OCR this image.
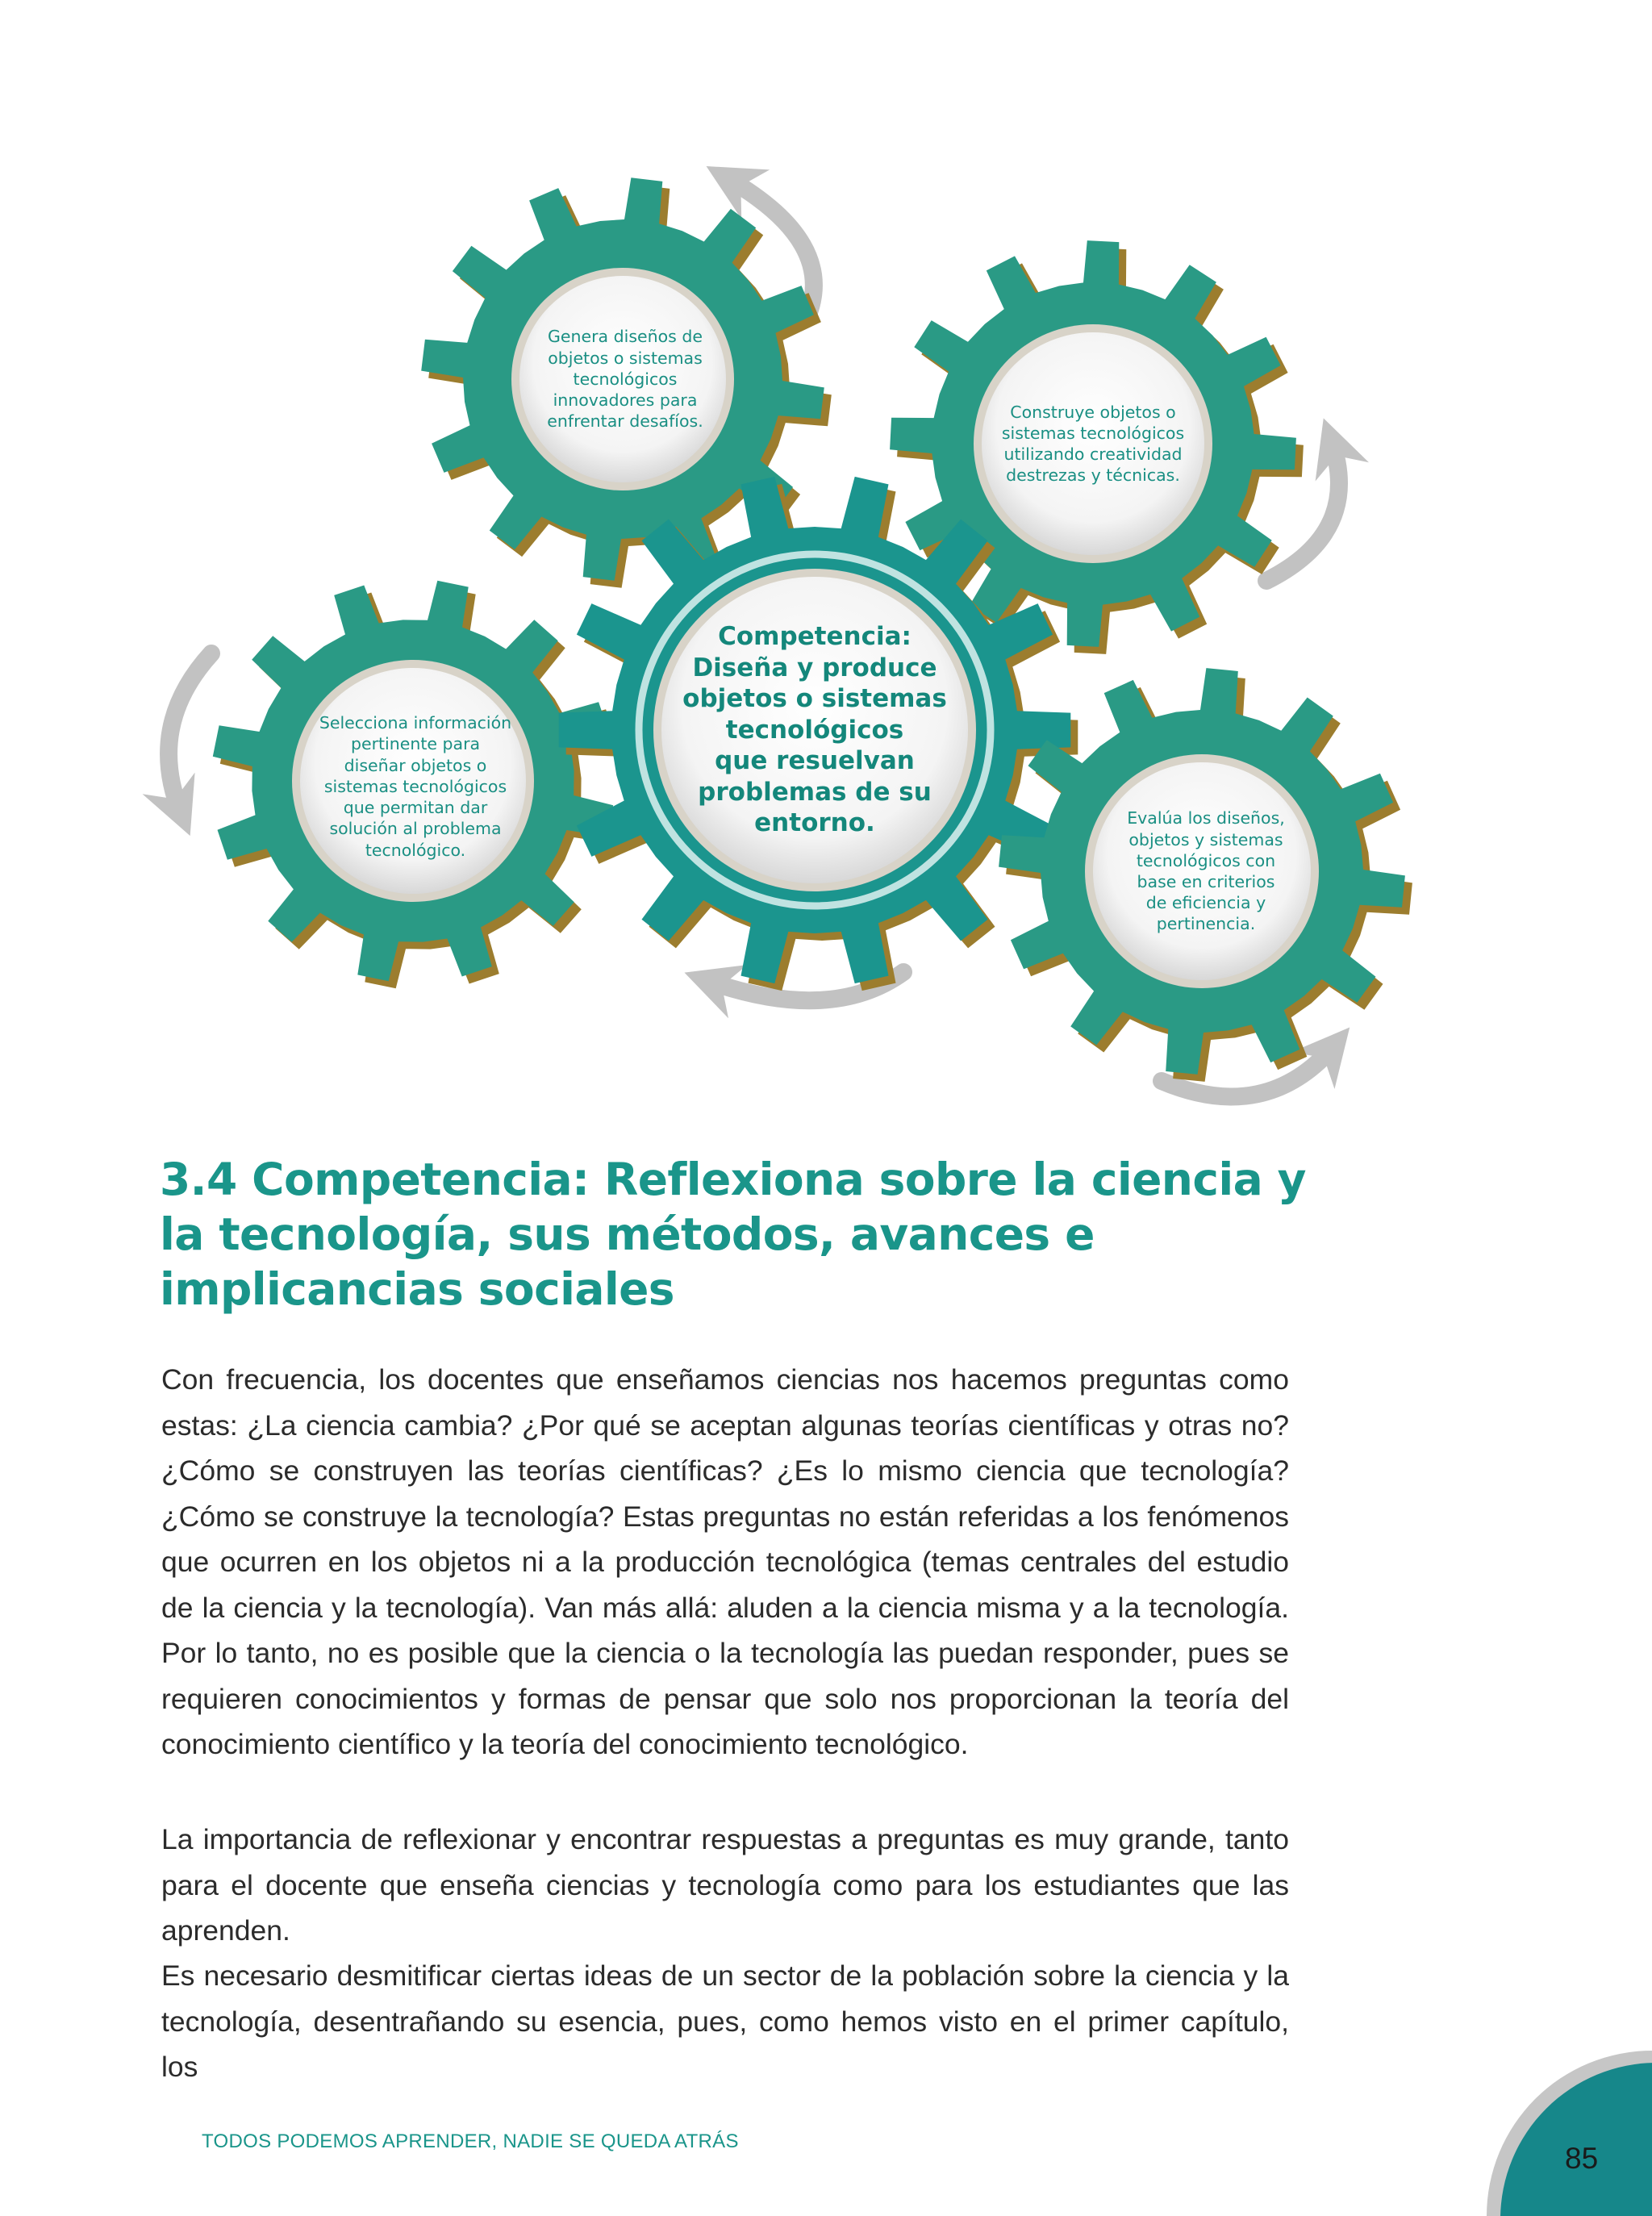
Genera diseños de
objetos o sistemas
tecnológicos
innovadores para
enfrentar desafíos.	Construye objetos o
sistemas tecnológicos
utilizando creatividad
destrezas y técnicas.
Competencia:
Diseña y produce
objetos o sistemas
tecnológicos
que resuelvan
problemas de su
entorno.
Selecciona información
pertinente para
diseñar objetos o
sistemas tecnológicos
que permitan dar
solución al problema
tecnológico.
Evalúa los diseños,
objetos y sistemas
tecnológicos con
base en criterios
de eficiencia y
pertinencia.
3.4 Competencia: Reflexiona sobre la ciencia y la tecnología, sus métodos, avances e implicancias sociales

Con frecuencia, los docentes que enseñamos ciencias nos hacemos preguntas como estas: ¿La ciencia cambia? ¿Por qué se aceptan algunas teorías científicas y otras no? ¿Cómo se construyen las teorías científicas? ¿Es lo mismo ciencia que tecnología? ¿Cómo se construye la tecnología? Estas preguntas no están referidas a los fenómenos que ocurren en los objetos ni a la producción tecnológica (temas centrales del estudio de la ciencia y la tecnología). Van más allá: aluden a la ciencia misma y a la tecnología. Por lo tanto, no es posible que la ciencia o la tecnología las puedan responder, pues se requieren conocimientos y formas de pensar que solo nos proporcionan la teoría del conocimiento científico y la teoría del conocimiento tecnológico.

La importancia de reflexionar y encontrar respuestas a preguntas es muy grande, tanto para el docente que enseña ciencias y tecnología como para los estudiantes que las aprenden.

Es necesario desmitificar ciertas ideas de un sector de la población sobre la ciencia y la tecnología, desentrañando su esencia, pues, como hemos visto en el primer capítulo, los

TODOS PODEMOS APRENDER, NADIE SE QUEDA ATRÁS
85
